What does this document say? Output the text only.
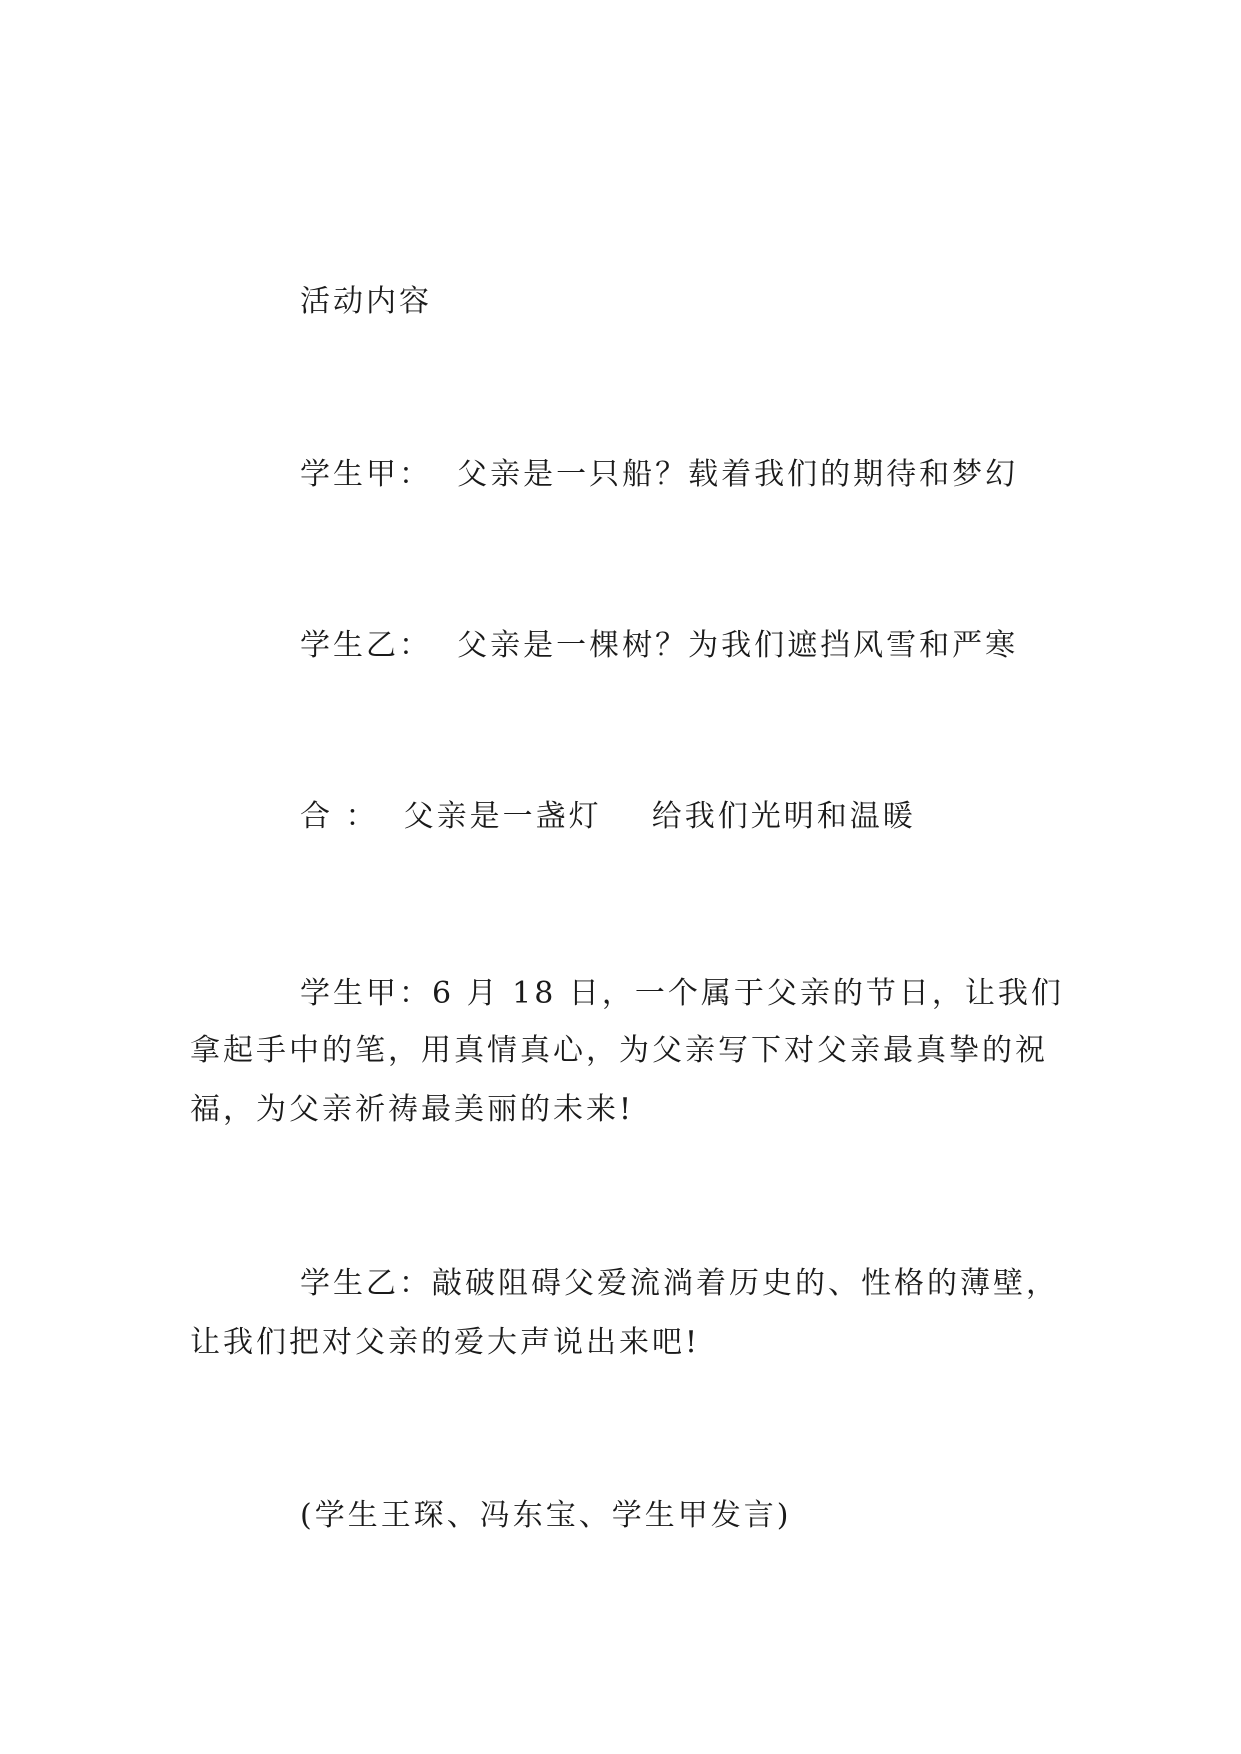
活动内容
学生甲：  父亲是一只船？载着我们的期待和梦幻
学生乙：  父亲是一棵树？为我们遮挡风雪和严寒
合 ：  父亲是一盏灯    给我们光明和温暖
学生甲：6 月 18 日，一个属于父亲的节日，让我们
拿起手中的笔，用真情真心，为父亲写下对父亲最真挚的祝
福，为父亲祈祷最美丽的未来!
学生乙：敲破阻碍父爱流淌着历史的、性格的薄壁，
让我们把对父亲的爱大声说出来吧!
(学生王琛、冯东宝、学生甲发言)
